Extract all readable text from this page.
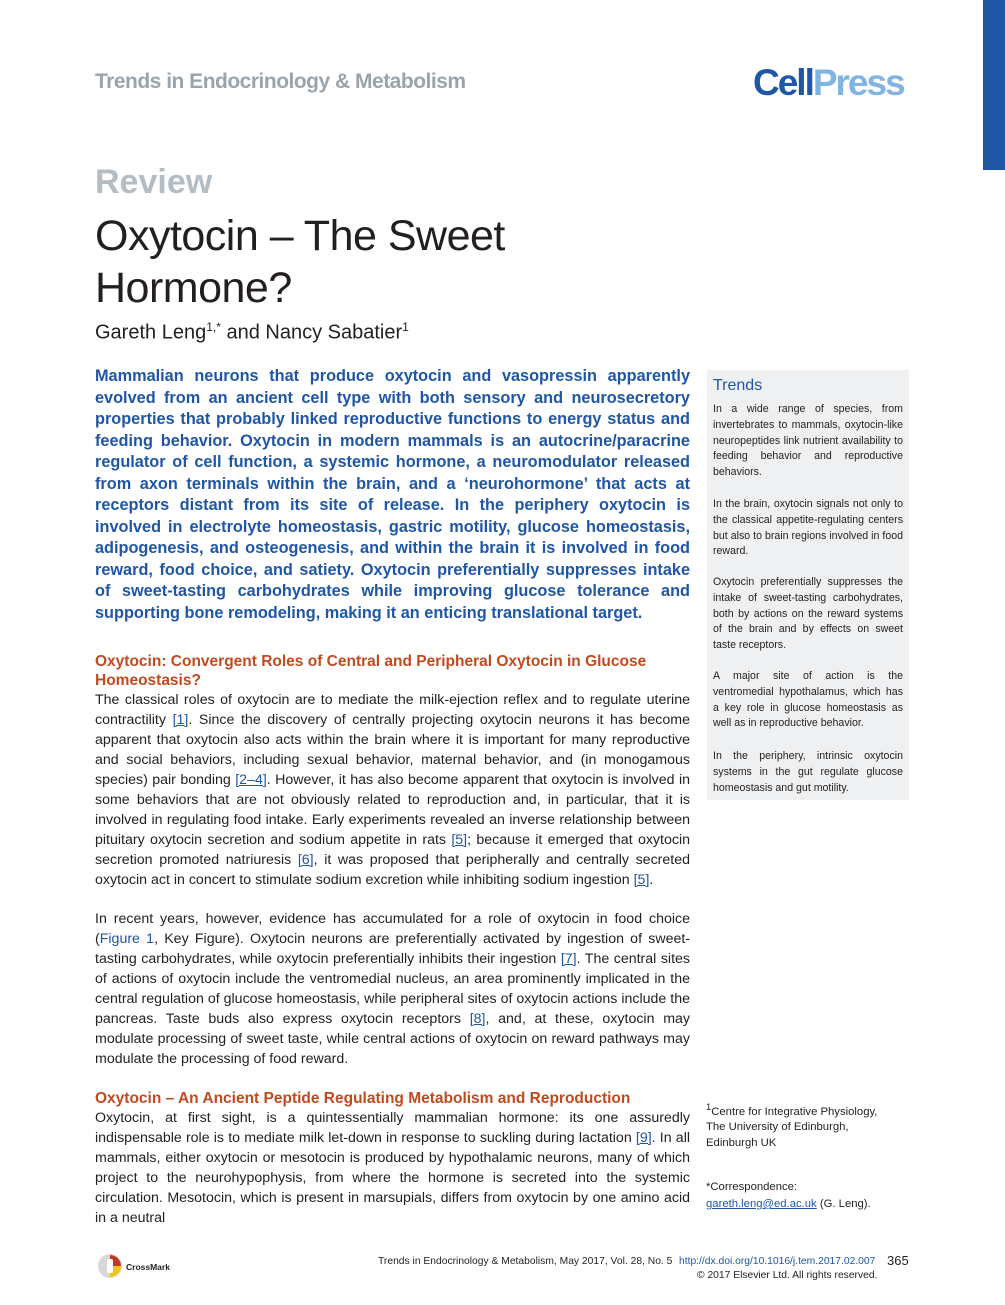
Trends in Endocrinology & Metabolism	CellPress
Review
Oxytocin – The Sweet
Hormone?
Gareth Leng$^{1,*}$ and Nancy Sabatier$^1$

Mammalian neurons that produce oxytocin and vasopressin apparently evolved from an ancient cell type with both sensory and neurosecretory properties that probably linked reproductive functions to energy status and feeding behavior. Oxytocin in modern mammals is an autocrine/paracrine regulator of cell function, a systemic hormone, a neuromodulator released from axon terminals within the brain, and a ‘neurohormone’ that acts at receptors distant from its site of release. In the periphery oxytocin is involved in electrolyte homeostasis, gastric motility, glucose homeostasis, adipogenesis, and osteogenesis, and within the brain it is involved in food reward, food choice, and satiety. Oxytocin preferentially suppresses intake of sweet-tasting carbohydrates while improving glucose tolerance and supporting bone remodeling, making it an enticing translational target.

Oxytocin: Convergent Roles of Central and Peripheral Oxytocin in Glucose Homeostasis?

The classical roles of oxytocin are to mediate the milk-ejection reflex and to regulate uterine contractility [1]. Since the discovery of centrally projecting oxytocin neurons it has become apparent that oxytocin also acts within the brain where it is important for many reproductive and social behaviors, including sexual behavior, maternal behavior, and (in monogamous species) pair bonding [2–4]. However, it has also become apparent that oxytocin is involved in some behaviors that are not obviously related to reproduction and, in particular, that it is involved in regulating food intake. Early experiments revealed an inverse relationship between pituitary oxytocin secretion and sodium appetite in rats [5]; because it emerged that oxytocin secretion promoted natriuresis [6], it was proposed that peripherally and centrally secreted oxytocin act in concert to stimulate sodium excretion while inhibiting sodium ingestion [5].

In recent years, however, evidence has accumulated for a role of oxytocin in food choice (Figure 1, Key Figure). Oxytocin neurons are preferentially activated by ingestion of sweet-tasting carbohydrates, while oxytocin preferentially inhibits their ingestion [7]. The central sites of actions of oxytocin include the ventromedial nucleus, an area prominently implicated in the central regulation of glucose homeostasis, while peripheral sites of oxytocin actions include the pancreas. Taste buds also express oxytocin receptors [8], and, at these, oxytocin may modulate processing of sweet taste, while central actions of oxytocin on reward pathways may modulate the processing of food reward.

Oxytocin – An Ancient Peptide Regulating Metabolism and Reproduction

Oxytocin, at first sight, is a quintessentially mammalian hormone: its one assuredly indispensable role is to mediate milk let-down in response to suckling during lactation [9]. In all mammals, either oxytocin or mesotocin is produced by hypothalamic neurons, many of which project to the neurohypophysis, from where the hormone is secreted into the systemic circulation. Mesotocin, which is present in marsupials, differs from oxytocin by one amino acid in a neutral

Trends

In a wide range of species, from invertebrates to mammals, oxytocin-like neuropeptides link nutrient availability to feeding behavior and reproductive behaviors.

In the brain, oxytocin signals not only to the classical appetite-regulating centers but also to brain regions involved in food reward.

Oxytocin preferentially suppresses the intake of sweet-tasting carbohydrates, both by actions on the reward systems of the brain and by effects on sweet taste receptors.

A major site of action is the ventromedial hypothalamus, which has a key role in glucose homeostasis as well as in reproductive behavior.

In the periphery, intrinsic oxytocin systems in the gut regulate glucose homeostasis and gut motility.

$^1$Centre for Integrative Physiology,
The University of Edinburgh,
Edinburgh UK

*Correspondence:
gareth.leng@ed.ac.uk (G. Leng).

CrossMark	Trends in Endocrinology & Metabolism, May 2017, Vol. 28, No. 5 http://dx.doi.org/10.1016/j.tem.2017.02.007 365
© 2017 Elsevier Ltd. All rights reserved.
